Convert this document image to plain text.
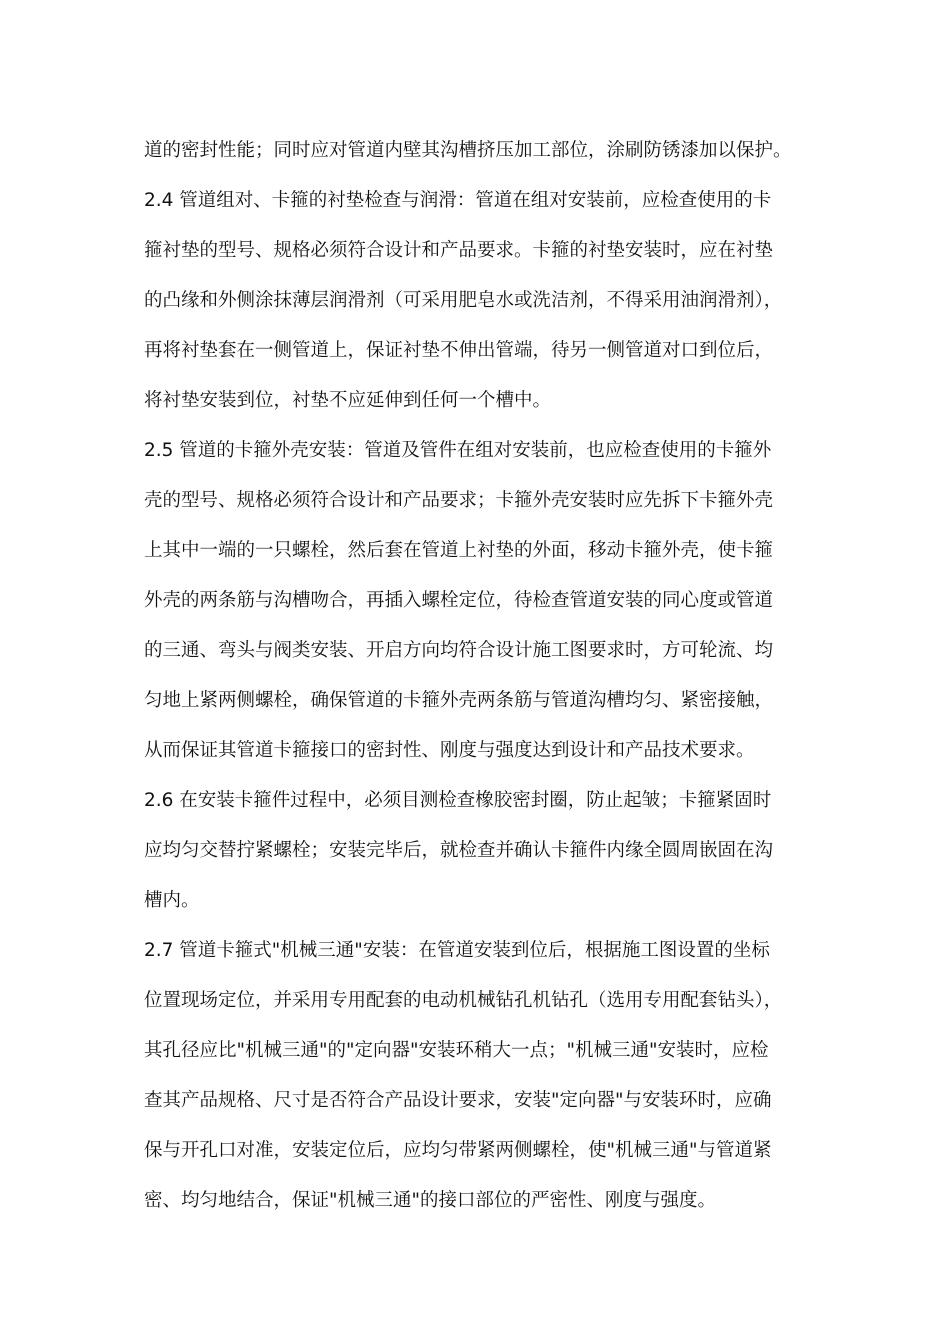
道的密封性能；同时应对管道内壁其沟槽挤压加工部位，涂刷防锈漆加以保护。
2.4 管道组对、卡箍的衬垫检查与润滑：管道在组对安装前，应检查使用的卡
箍衬垫的型号、规格必须符合设计和产品要求。卡箍的衬垫安装时，应在衬垫
的凸缘和外侧涂抹薄层润滑剂（可采用肥皂水或洗洁剂，不得采用油润滑剂），
再将衬垫套在一侧管道上，保证衬垫不伸出管端，待另一侧管道对口到位后，
将衬垫安装到位，衬垫不应延伸到任何一个槽中。
2.5 管道的卡箍外壳安装：管道及管件在组对安装前，也应检查使用的卡箍外
壳的型号、规格必须符合设计和产品要求；卡箍外壳安装时应先拆下卡箍外壳
上其中一端的一只螺栓，然后套在管道上衬垫的外面，移动卡箍外壳，使卡箍
外壳的两条筋与沟槽吻合，再插入螺栓定位，待检查管道安装的同心度或管道
的三通、弯头与阀类安装、开启方向均符合设计施工图要求时，方可轮流、均
匀地上紧两侧螺栓，确保管道的卡箍外壳两条筋与管道沟槽均匀、紧密接触，
从而保证其管道卡箍接口的密封性、刚度与强度达到设计和产品技术要求。
2.6 在安装卡箍件过程中，必须目测检查橡胶密封圈，防止起皱；卡箍紧固时
应均匀交替拧紧螺栓；安装完毕后，就检查并确认卡箍件内缘全圆周嵌固在沟
槽内。
2.7 管道卡箍式"机械三通"安装：在管道安装到位后，根据施工图设置的坐标
位置现场定位，并采用专用配套的电动机械钻孔机钻孔（选用专用配套钻头），
其孔径应比"机械三通"的"定向器"安装环稍大一点；"机械三通"安装时，应检
查其产品规格、尺寸是否符合产品设计要求，安装"定向器"与安装环时，应确
保与开孔口对准，安装定位后，应均匀带紧两侧螺栓，使"机械三通"与管道紧
密、均匀地结合，保证"机械三通"的接口部位的严密性、刚度与强度。
